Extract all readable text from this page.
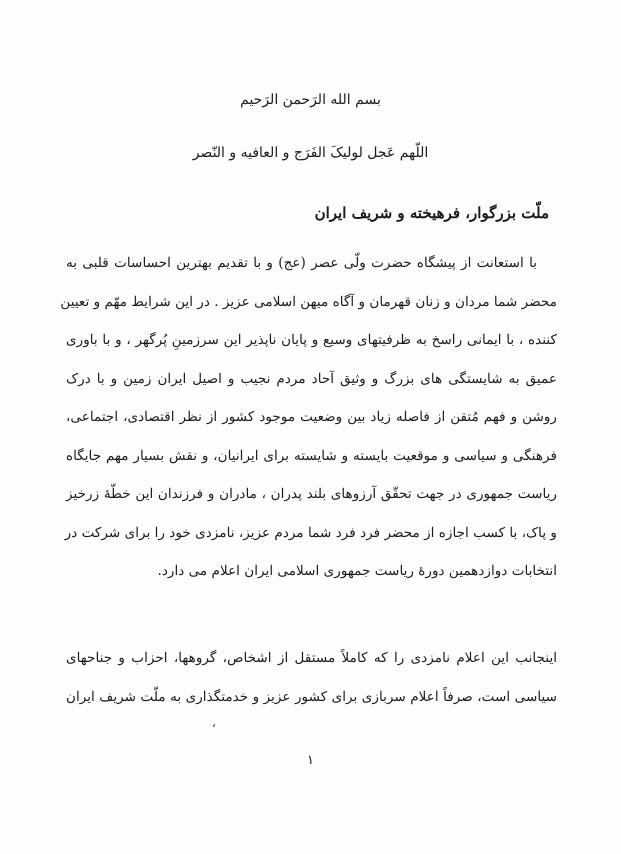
بسم الله الرَحمن الرَحیم
اللّهم عَجل لولیکَ الفَرَج و العافیه و النّصر
ملّت بزرگوار، فرهیخته و شریف ایران
با استعانت از پیشگاه حضرت ولّی عصر (عج) و با تقدیم بهترین احساسات قلبی به
محضر شما مردان و زنان قهرمان و آگاه میهن اسلامی عزیز . در این شرایط مهّم و تعیین
کننده ، با ایمانی راسخ به ظرفیتهای وسیع و پایان ناپذیر این سرزمینِ پُرگهر ، و با باوری
عمیق به شایستگی های بزرگ و وثیق آحاد مردم نجیب و اصیل ایران زمین و با درک
روشن و فهم مُتقن از فاصله زیاد بین وضعیت موجود کشور از نظر اقتصادی، اجتماعی،
فرهنگی و سیاسی و موقعیت بایسته و شایسته برای ایرانیان، و نقش بسیار مهم جایگاه
ریاست جمهوری در جهت تحقّق آرزوهای بلند پدران ، مادران و فرزندان این خطّهٔ زرخیز
و پاک، با کسب اجازه از محضر فرد فرد شما مردم عزیز، نامزدی خود را برای شرکت در
انتخابات دوازدهمین دورهٔ ریاست جمهوری اسلامی ایران اعلام می دارد.
اینجانب این اعلام نامزدی را که کاملاً مستقل از اشخاص، گروهها، احزاب و جناحهای
سیاسی است، صرفاً اعلام سربازی برای کشور عزیز و خدمتگذاری به ملّت شریف ایران
ʻ
۱
